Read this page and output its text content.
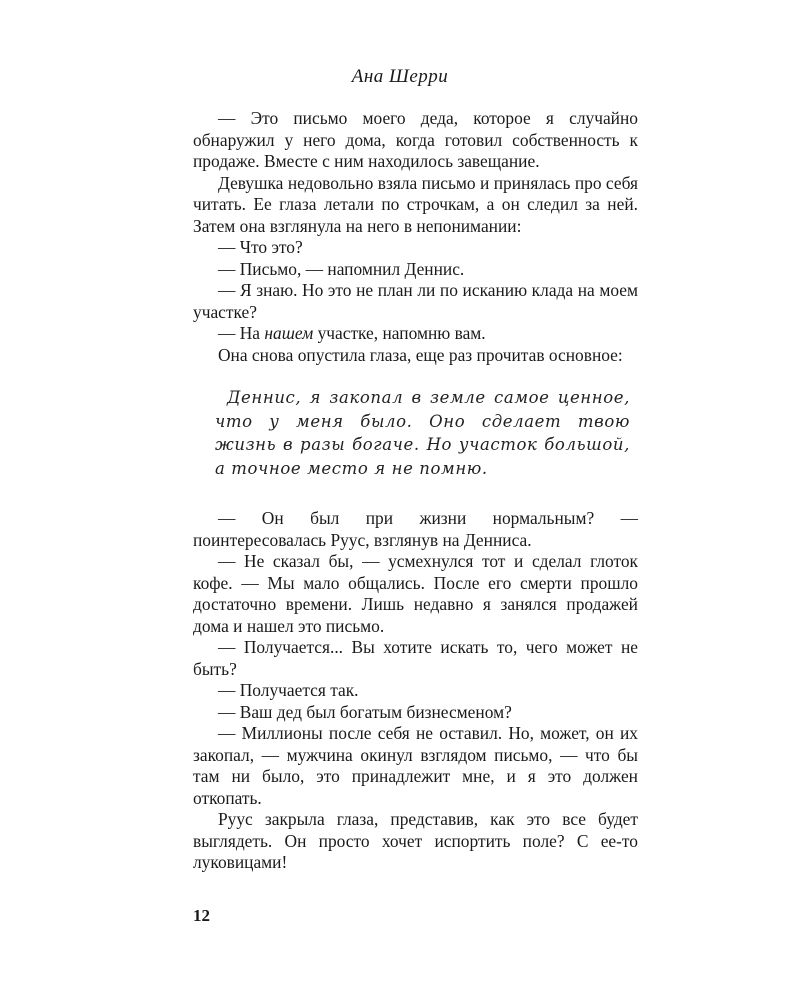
Ана Шерри

— Это письмо моего деда, которое я случайно обнаружил у него дома, когда готовил собственность к продаже. Вместе с ним находилось завещание.

Девушка недовольно взяла письмо и принялась про себя читать. Ее глаза летали по строчкам, а он следил за ней. Затем она взглянула на него в непонимании:

— Что это?

— Письмо, — напомнил Деннис.

— Я знаю. Но это не план ли по исканию клада на моем участке?

— На нашем участке, напомню вам.

Она снова опустила глаза, еще раз прочитав основное:

Деннис, я закопал в земле самое ценное, что у меня было. Оно сделает твою жизнь в разы богаче. Но участок большой, а точное место я не помню.

— Он был при жизни нормальным? — поинтересовалась Руус, взглянув на Денниса.

— Не сказал бы, — усмехнулся тот и сделал глоток кофе. — Мы мало общались. После его смерти прошло достаточно времени. Лишь недавно я занялся продажей дома и нашел это письмо.

— Получается... Вы хотите искать то, чего может не быть?

— Получается так.

— Ваш дед был богатым бизнесменом?

— Миллионы после себя не оставил. Но, может, он их закопал, — мужчина окинул взглядом письмо, — что бы там ни было, это принадлежит мне, и я это должен откопать.

Руус закрыла глаза, представив, как это все будет выглядеть. Он просто хочет испортить поле? С ее-то луковицами!

12
